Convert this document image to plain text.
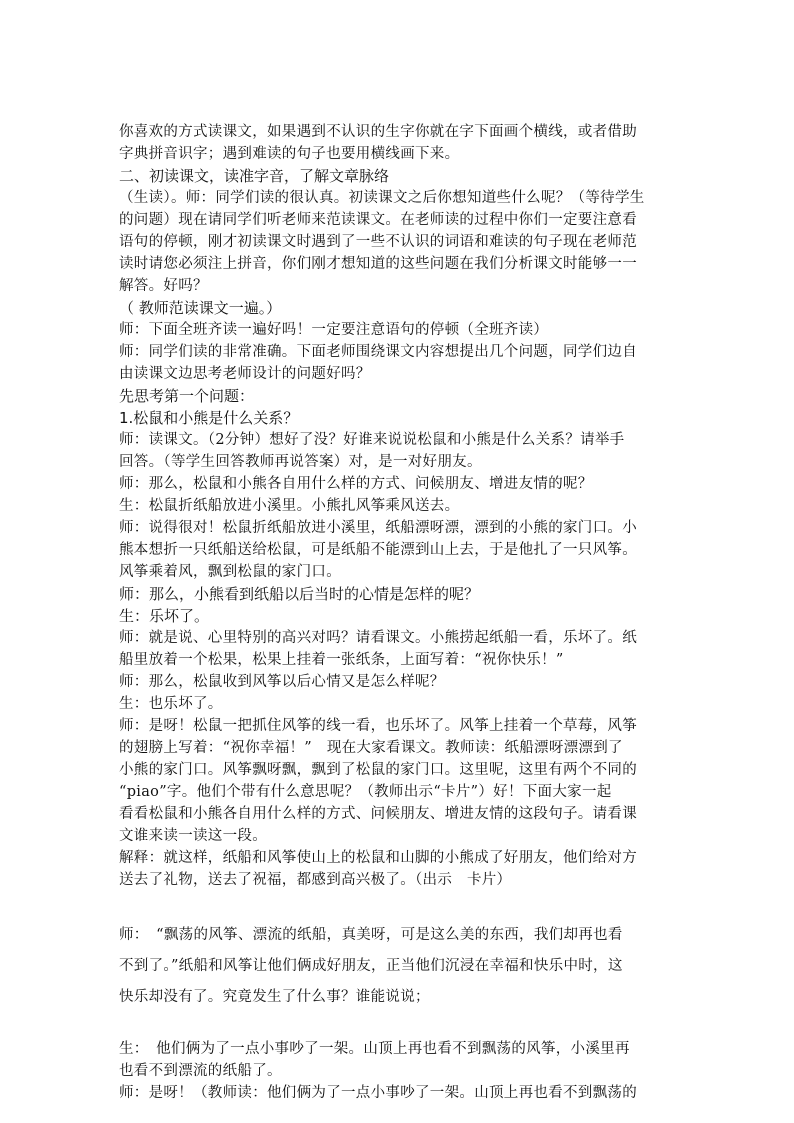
你喜欢的方式读课文，如果遇到不认识的生字你就在字下面画个横线，或者借助
字典拼音识字；遇到难读的句子也要用横线画下来。
二、初读课文，读准字音，了解文章脉络
（生读）。师：同学们读的很认真。初读课文之后你想知道些什么呢？（等待学生
的问题）现在请同学们听老师来范读课文。在老师读的过程中你们一定要注意看
语句的停顿，刚才初读课文时遇到了一些不认识的词语和难读的句子现在老师范
读时请您必须注上拼音，你们刚才想知道的这些问题在我们分析课文时能够一一
解答。好吗？
（ 教师范读课文一遍。）
师：下面全班齐读一遍好吗！一定要注意语句的停顿（全班齐读）
师：同学们读的非常准确。下面老师围绕课文内容想提出几个问题，同学们边自
由读课文边思考老师设计的问题好吗？
先思考第一个问题：
1.松鼠和小熊是什么关系？
师：读课文。（2分钟）想好了没？好谁来说说松鼠和小熊是什么关系？请举手
回答。（等学生回答教师再说答案）对，是一对好朋友。
师：那么，松鼠和小熊各自用什么样的方式、问候朋友、增进友情的呢？
生：松鼠折纸船放进小溪里。小熊扎风筝乘风送去。
师：说得很对！松鼠折纸船放进小溪里，纸船漂呀漂，漂到的小熊的家门口。小
熊本想折一只纸船送给松鼠，可是纸船不能漂到山上去，于是他扎了一只风筝。
风筝乘着风，飘到松鼠的家门口。
师：那么，小熊看到纸船以后当时的心情是怎样的呢？
生：乐坏了。
师：就是说、心里特别的高兴对吗？请看课文。小熊捞起纸船一看，乐坏了。纸
船里放着一个松果，松果上挂着一张纸条，上面写着：“祝你快乐！”
师：那么，松鼠收到风筝以后心情又是怎么样呢？
生：也乐坏了。
师：是呀！松鼠一把抓住风筝的线一看，也乐坏了。风筝上挂着一个草莓，风筝
的翅膀上写着：“祝你幸福！”　现在大家看课文。教师读：纸船漂呀漂漂到了
小熊的家门口。风筝飘呀飘，飘到了松鼠的家门口。这里呢，这里有两个不同的
“piao”字。他们个带有什么意思呢？（教师出示“卡片”）好！下面大家一起
看看松鼠和小熊各自用什么样的方式、问候朋友、增进友情的这段句子。请看课
文谁来读一读这一段。
解释：就这样，纸船和风筝使山上的松鼠和山脚的小熊成了好朋友，他们给对方
送去了礼物，送去了祝福，都感到高兴极了。（出示　卡片）
师：　“飘荡的风筝、漂流的纸船，真美呀，可是这么美的东西，我们却再也看
不到了。”纸船和风筝让他们俩成好朋友，正当他们沉浸在幸福和快乐中时，这
快乐却没有了。究竟发生了什么事？谁能说说；
生：　他们俩为了一点小事吵了一架。山顶上再也看不到飘荡的风筝，小溪里再
也看不到漂流的纸船了。
师：是呀！（教师读：他们俩为了一点小事吵了一架。山顶上再也看不到飘荡的
